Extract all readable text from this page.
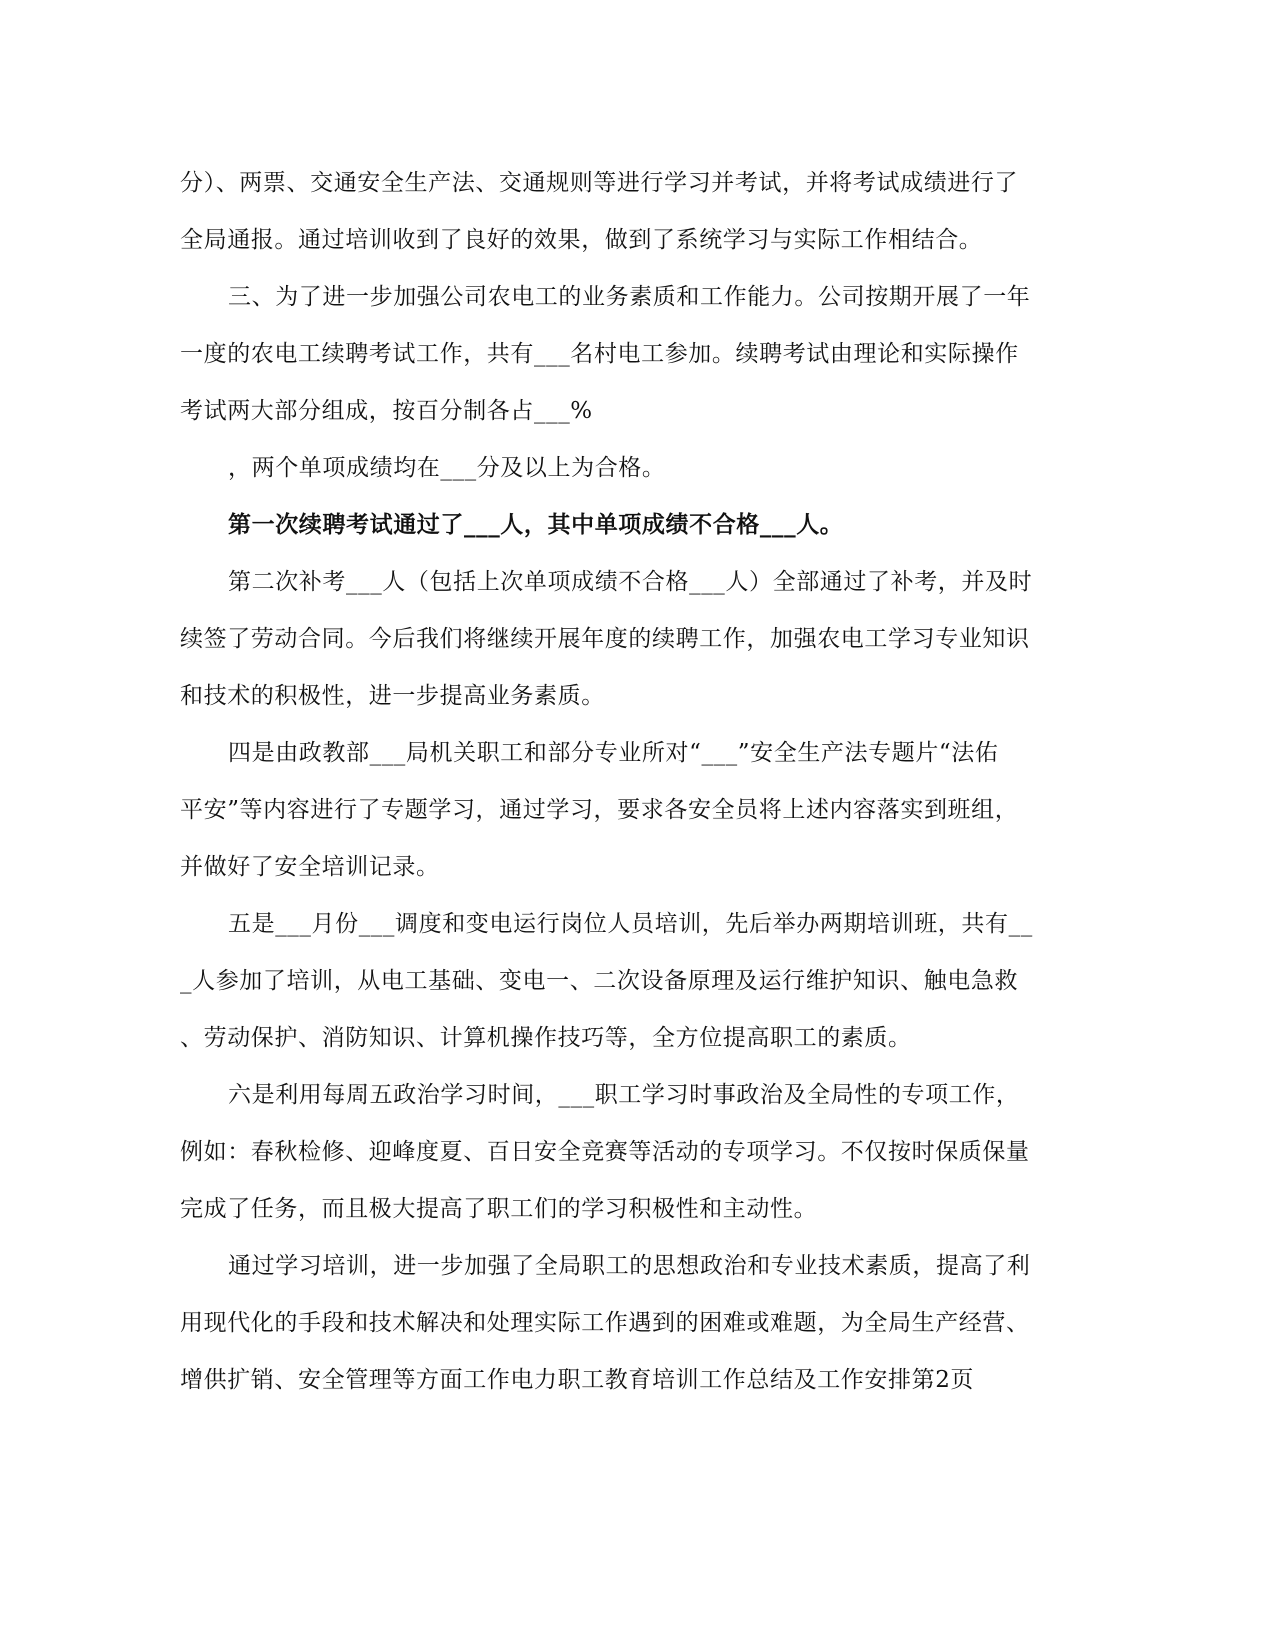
分）、两票、交通安全生产法、交通规则等进行学习并考试，并将考试成绩进行了
全局通报。通过培训收到了良好的效果，做到了系统学习与实际工作相结合。
三、为了进一步加强公司农电工的业务素质和工作能力。公司按期开展了一年
一度的农电工续聘考试工作，共有___名村电工参加。续聘考试由理论和实际操作
考试两大部分组成，按百分制各占___%
，两个单项成绩均在___分及以上为合格。
第一次续聘考试通过了___人，其中单项成绩不合格___人。
第二次补考___人（包括上次单项成绩不合格___人）全部通过了补考，并及时
续签了劳动合同。今后我们将继续开展年度的续聘工作，加强农电工学习专业知识
和技术的积极性，进一步提高业务素质。
四是由政教部___局机关职工和部分专业所对“___”安全生产法专题片“法佑
平安”等内容进行了专题学习，通过学习，要求各安全员将上述内容落实到班组，
并做好了安全培训记录。
五是___月份___调度和变电运行岗位人员培训，先后举办两期培训班，共有__
_人参加了培训，从电工基础、变电一、二次设备原理及运行维护知识、触电急救
、劳动保护、消防知识、计算机操作技巧等，全方位提高职工的素质。
六是利用每周五政治学习时间，___职工学习时事政治及全局性的专项工作，
例如：春秋检修、迎峰度夏、百日安全竞赛等活动的专项学习。不仅按时保质保量
完成了任务，而且极大提高了职工们的学习积极性和主动性。
通过学习培训，进一步加强了全局职工的思想政治和专业技术素质，提高了利
用现代化的手段和技术解决和处理实际工作遇到的困难或难题，为全局生产经营、
增供扩销、安全管理等方面工作电力职工教育培训工作总结及工作安排第2页
